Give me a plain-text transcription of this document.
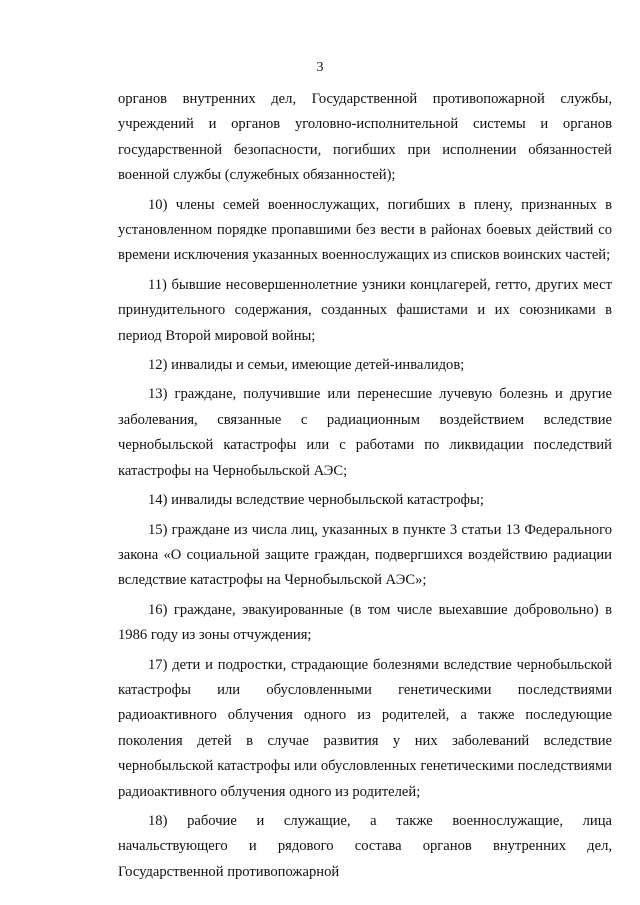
3

органов внутренних дел, Государственной противопожарной службы, учреждений и органов уголовно-исполнительной системы и органов государственной безопасности, погибших при исполнении обязанностей военной службы (служебных обязанностей);

10) члены семей военнослужащих, погибших в плену, признанных в установленном порядке пропавшими без вести в районах боевых действий со времени исключения указанных военнослужащих из списков воинских частей;

11) бывшие несовершеннолетние узники концлагерей, гетто, других мест принудительного содержания, созданных фашистами и их союзниками в период Второй мировой войны;

12) инвалиды и семьи, имеющие детей-инвалидов;

13) граждане, получившие или перенесшие лучевую болезнь и другие заболевания, связанные с радиационным воздействием вследствие чернобыльской катастрофы или с работами по ликвидации последствий катастрофы на Чернобыльской АЭС;

14) инвалиды вследствие чернобыльской катастрофы;

15) граждане из числа лиц, указанных в пункте 3 статьи 13 Федерального закона «О социальной защите граждан, подвергшихся воздействию радиации вследствие катастрофы на Чернобыльской АЭС»;

16) граждане, эвакуированные (в том числе выехавшие добровольно) в 1986 году из зоны отчуждения;

17) дети и подростки, страдающие болезнями вследствие чернобыльской катастрофы или обусловленными генетическими последствиями радиоактивного облучения одного из родителей, а также последующие поколения детей в случае развития у них заболеваний вследствие чернобыльской катастрофы или обусловленных генетическими последствиями радиоактивного облучения одного из родителей;

18) рабочие и служащие, а также военнослужащие, лица начальствующего и рядового состава органов внутренних дел, Государственной противопожарной
